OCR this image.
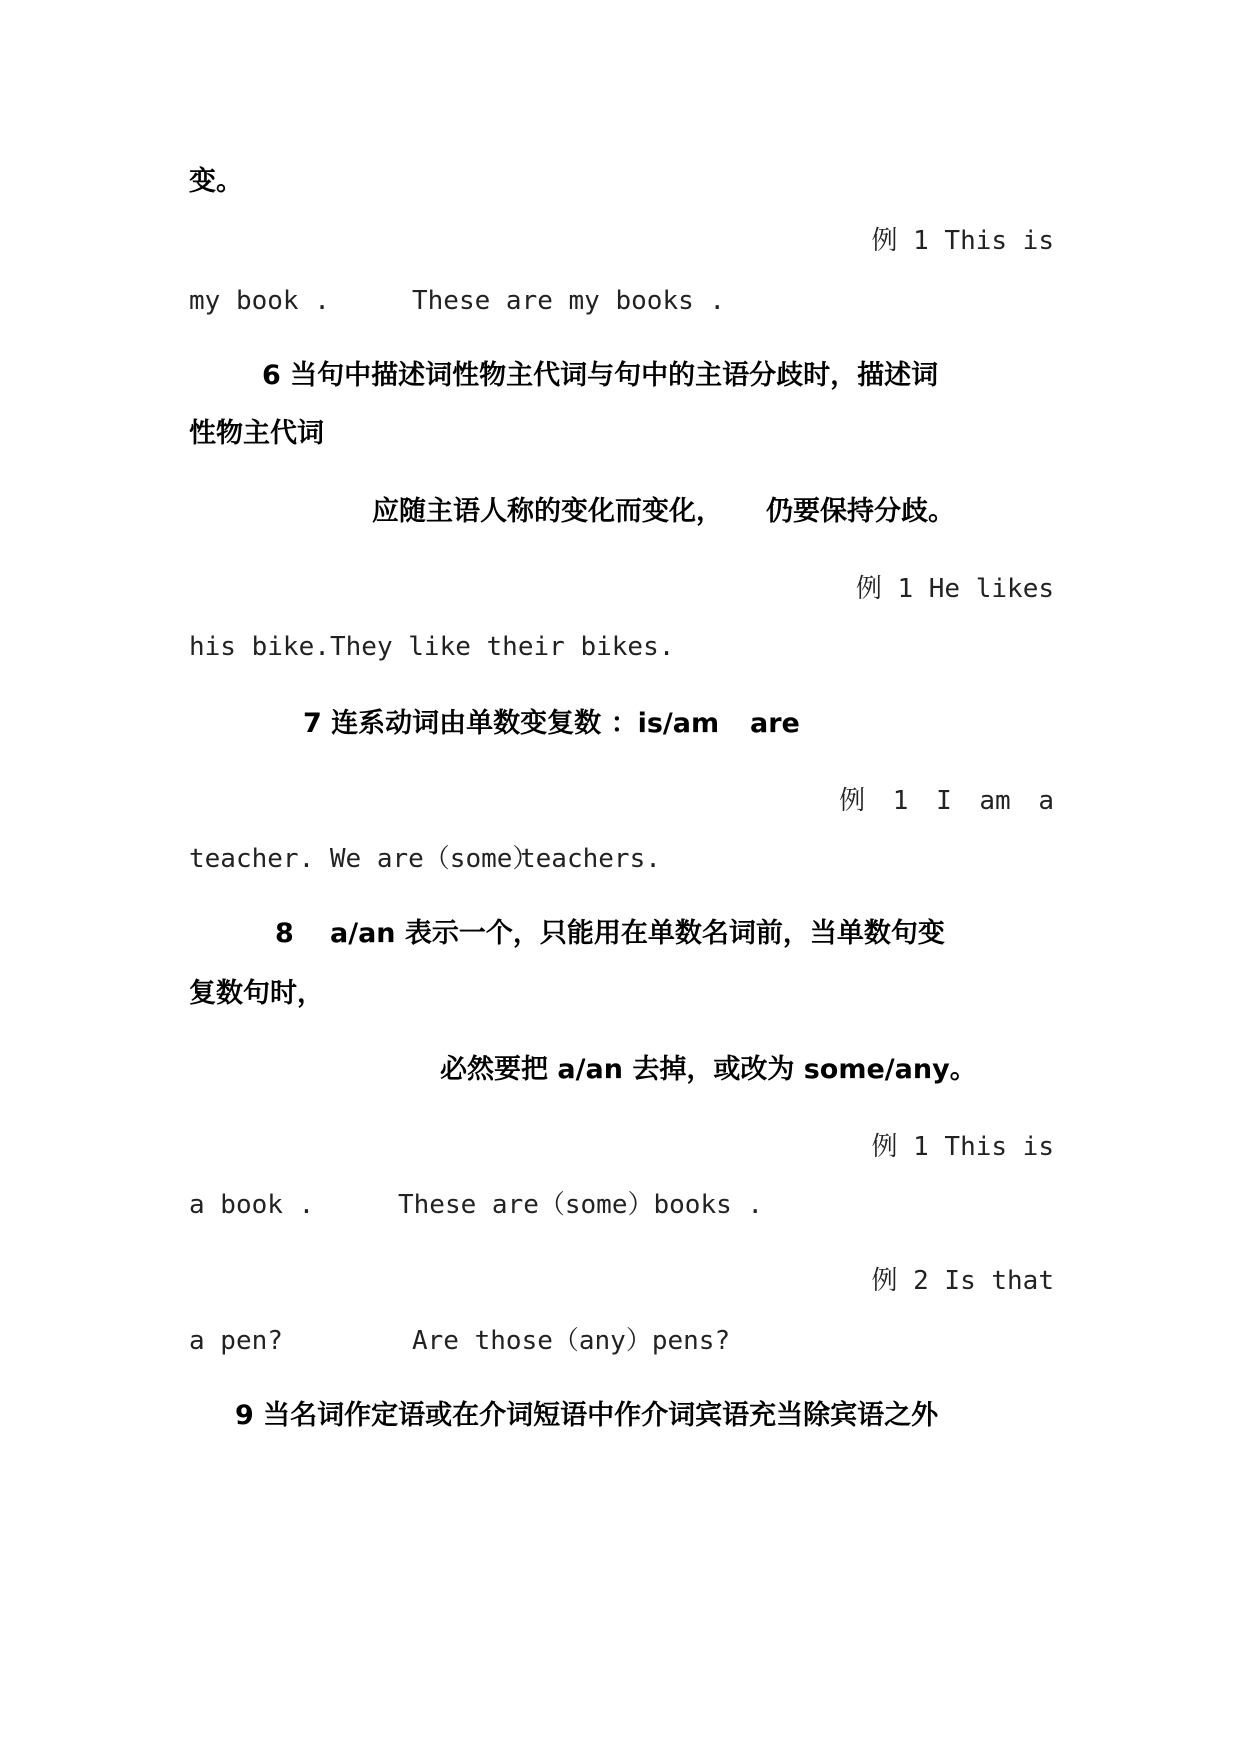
变。
例 1 This is
my book .	These are my books .
6 当句中描述词性物主代词与句中的主语分歧时，描述词
性物主代词
应随主语人称的变化而变化， 仍要保持分歧。
例 1 He likes
his bike. They like their bikes.
7 连系动词由单数变复数 ：is/am are
例 1 I am a
teacher. We are（some）
teachers.
8 a/an 表示一个，只能用在单数名词前，当单数句变
复数句时，
必然要把 a/an 去掉，或改为 some/any。
例 1 This is
a book .	These are（some）books .
例 2 Is that
a pen?	Are those（any）pens?
9 当名词作定语或在介词短语中作介词宾语充当除宾语之外
